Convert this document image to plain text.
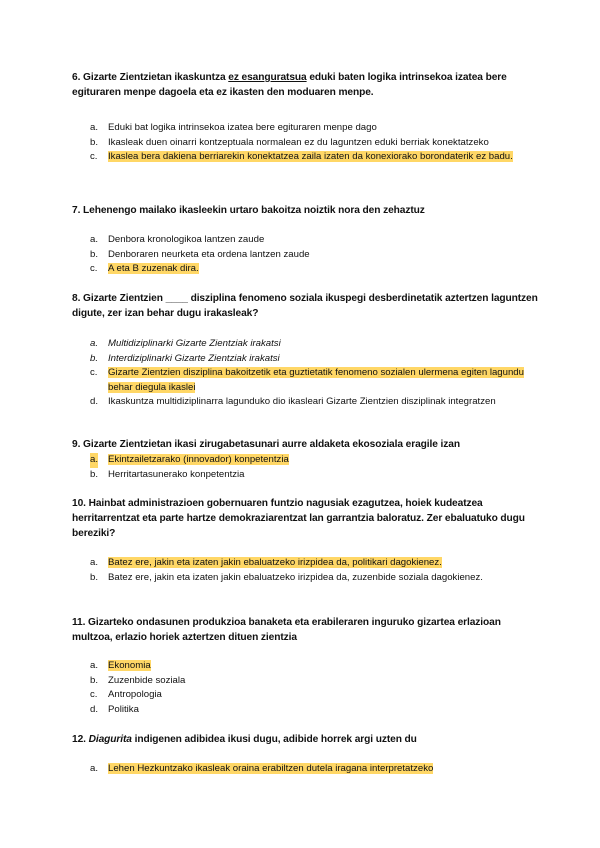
6. Gizarte Zientzietan ikaskuntza ez esanguratsua eduki baten logika intrinsekoa izatea bere egituraren menpe dagoela eta ez ikasten den moduaren menpe.

a. Eduki bat logika intrinsekoa izatea bere egituraren menpe dago
b. Ikasleak duen oinarri kontzeptuala normalean ez du laguntzen eduki berriak konektatzeko
c. Ikaslea bera dakiena berriarekin konektatzea zaila izaten da konexiorako borondaterik ez badu.

7. Lehenengo mailako ikasleekin urtaro bakoitza noiztik nora den zehaztuz

a. Denbora kronologikoa lantzen zaude
b. Denboraren neurketa eta ordena lantzen zaude
c. A eta B zuzenak dira.

8. Gizarte Zientzien ____ disziplina fenomeno soziala ikuspegi desberdinetatik aztertzen laguntzen digute, zer izan behar dugu irakasleak?

a. Multidiziplinarki Gizarte Zientziak irakatsi
b. Interdiziplinarki Gizarte Zientziak irakatsi
c. Gizarte Zientzien disziplina bakoitzetik eta guztietatik fenomeno sozialen ulermena egiten lagundu behar diegula ikaslei
d. Ikaskuntza multidiziplinarra lagunduko dio ikasleari Gizarte Zientzien disziplinak integratzen

9. Gizarte Zientzietan ikasi zirugabetasunari aurre aldaketa ekosoziala eragile izan

a. Ekintzailetzarako (innovador) konpetentzia
b. Herritartasunerako konpetentzia

10. Hainbat administrazioen gobernuaren funtzio nagusiak ezagutzea, hoiek kudeatzea herritarrentzat eta parte hartze demokraziarentzat lan garrantzia baloratuz. Zer ebaluatuko dugu bereziki?

a. Batez ere, jakin eta izaten jakin ebaluatzeko irizpidea da, politikari dagokienez.
b. Batez ere, jakin eta izaten jakin ebaluatzeko irizpidea da, zuzenbide soziala dagokienez.

11. Gizarteko ondasunen produkzioa banaketa eta erabileraren inguruko gizartea erlazioan multzoa, erlazio horiek aztertzen dituen zientzia

a. Ekonomia
b. Zuzenbide soziala
c. Antropologia
d. Politika

12. Diagurita indigenen adibidea ikusi dugu, adibide horrek argi uzten du

a. Lehen Hezkuntzako ikasleak oraina erabiltzen dutela iragana interpretatzeko
